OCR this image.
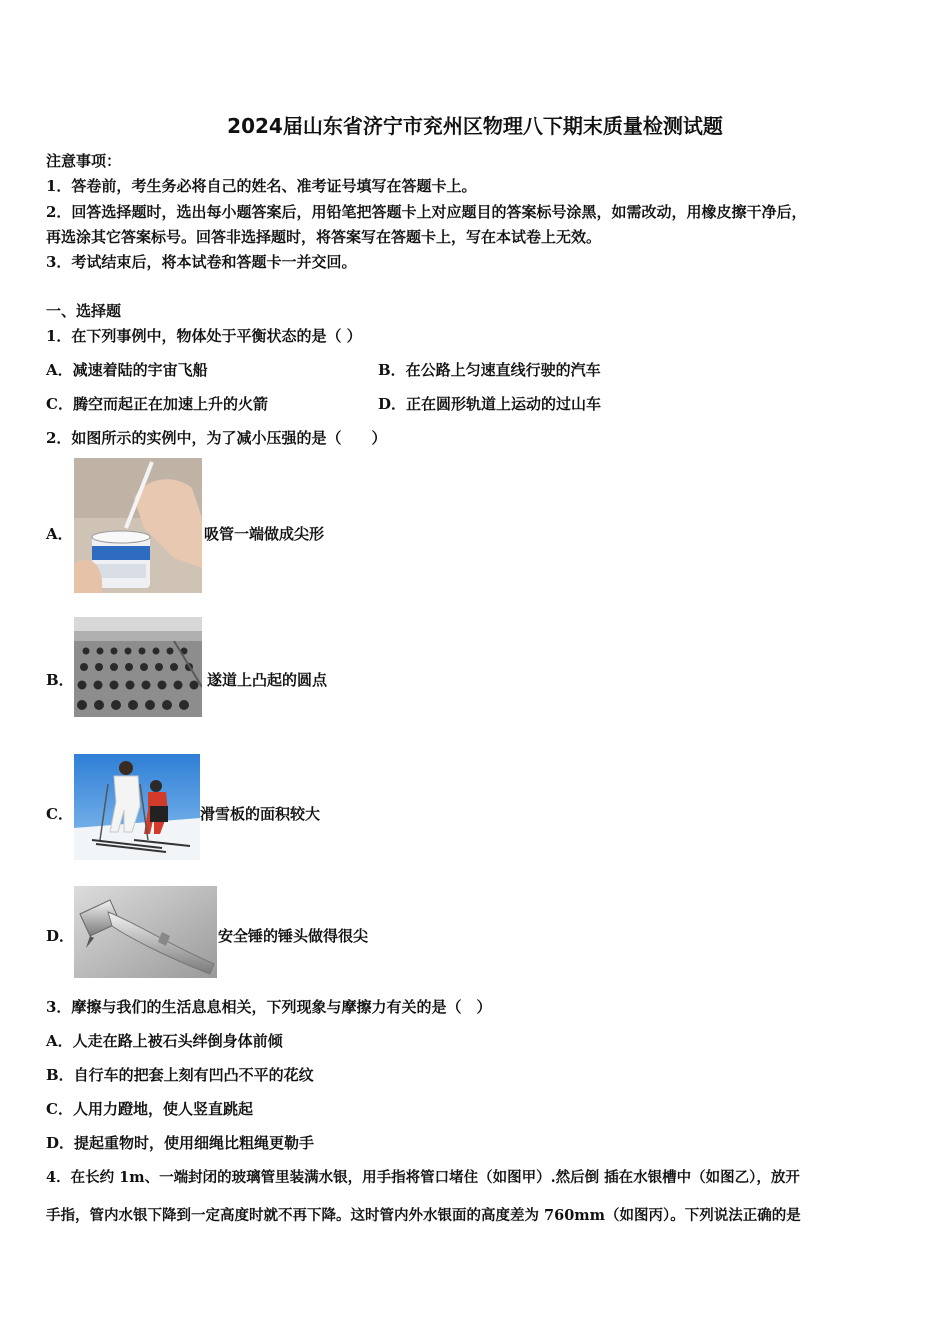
2024届山东省济宁市兖州区物理八下期末质量检测试题
注意事项：
1．答卷前，考生务必将自己的姓名、准考证号填写在答题卡上。
2．回答选择题时，选出每小题答案后，用铅笔把答题卡上对应题目的答案标号涂黑，如需改动，用橡皮擦干净后，
再选涂其它答案标号。回答非选择题时，将答案写在答题卡上，写在本试卷上无效。
3．考试结束后，将本试卷和答题卡一并交回。
一、选择题
1．在下列事例中，物体处于平衡状态的是（ ）
A．减速着陆的宇宙飞船	B．在公路上匀速直线行驶的汽车
C．腾空而起正在加速上升的火箭	D．正在圆形轨道上运动的过山车
2．如图所示的实例中，为了减小压强的是（　　）
A．	吸管一端做成尖形
B．	遂道上凸起的圆点
C．	滑雪板的面积较大
D．	安全锤的锤头做得很尖
3．摩擦与我们的生活息息相关，下列现象与摩擦力有关的是（　）
A．人走在路上被石头绊倒身体前倾
B．自行车的把套上刻有凹凸不平的花纹
C．人用力蹬地，使人竖直跳起
D．提起重物时，使用细绳比粗绳更勒手
4．在长约 1m、一端封闭的玻璃管里装满水银，用手指将管口堵住（如图甲）.然后倒 插在水银槽中（如图乙），放开
手指，管内水银下降到一定高度时就不再下降。这时管内外水银面的高度差为 760mm（如图丙）。下列说法正确的是
